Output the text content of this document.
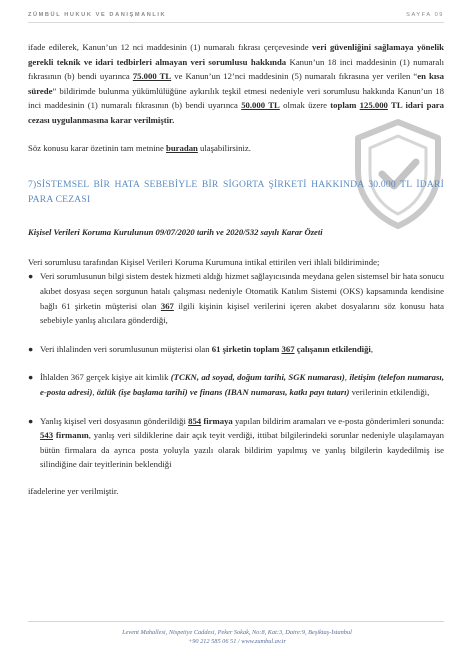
ZÜMBÜL HUKUK VE DANIŞMANLIK	SAYFA 09

ifade edilerek, Kanun’un 12 nci maddesinin (1) numaralı fıkrası çerçevesinde veri güvenliğini sağlamaya yönelik gerekli teknik ve idari tedbirleri almayan veri sorumlusu hakkında Kanun’un 18 inci maddesinin (1) numaralı fıkrasının (b) bendi uyarınca 75.000 TL ve Kanun’un 12’nci maddesinin (5) numaralı fıkrasına yer verilen “en kısa sürede” bildirimde bulunma yükümlülüğüne aykırılık teşkil etmesi nedeniyle veri sorumlusu hakkında Kanun’un 18 inci maddesinin (1) numaralı fıkrasının (b) bendi uyarınca 50.000 TL olmak üzere toplam 125.000 TL idari para cezası uygulanmasına karar verilmiştir.

Söz konusu karar özetinin tam metnine buradan ulaşabilirsiniz.

7)SİSTEMSEL BİR HATA SEBEBİYLE BİR SİGORTA ŞİRKETİ HAKKINDA 30.000 TL İDARİ PARA CEZASI

Kişisel Verileri Koruma Kurulunun 09/07/2020 tarih ve 2020/532 sayılı Karar Özeti

Veri sorumlusu tarafından Kişisel Verileri Koruma Kurumuna intikal ettirilen veri ihlali bildiriminde;

● Veri sorumlusunun bilgi sistem destek hizmeti aldığı hizmet sağlayıcısında meydana gelen sistemsel bir hata sonucu akıbet dosyası seçen sorgunun hatalı çalışması nedeniyle Otomatik Katılım Sistemi (OKS) kapsamında kendisine bağlı 61 şirketin müşterisi olan 367 ilgili kişinin kişisel verilerini içeren akıbet dosyalarını söz konusu hata sebebiyle yanlış alıcılara gönderdiği,
● Veri ihlalinden veri sorumlusunun müşterisi olan 61 şirketin toplam 367 çalışanın etkilendiği,
● İhlalden 367 gerçek kişiye ait kimlik (TCKN, ad soyad, doğum tarihi, SGK numarası), iletişim (telefon numarası, e-posta adresi), özlük (işe başlama tarihi) ve finans (IBAN numarası, katkı payı tutarı) verilerinin etkilendiği,
● Yanlış kişisel veri dosyasının gönderildiği 854 firmaya yapılan bildirim aramaları ve e-posta gönderimleri sonunda: 543 firmanın, yanlış veri sildiklerine dair açık teyit verdiği, ittibat bilgilerindeki sorunlar nedeniyle ulaşılamayan bütün firmalara da ayrıca posta yoluyla yazılı olarak bildirim yapılmış ve yanlış bilgilerin kaydedilmiş ise silindiğine dair teyitlerinin beklendiği

ifadelerine yer verilmiştir.

Levent Mahallesi, Nispetiye Caddesi, Peker Sokak, No:8, Kat:3, Daire:9, Beşiktaş-İstanbul
+90 212 585 06 51 / www.zumbul.av.tr
